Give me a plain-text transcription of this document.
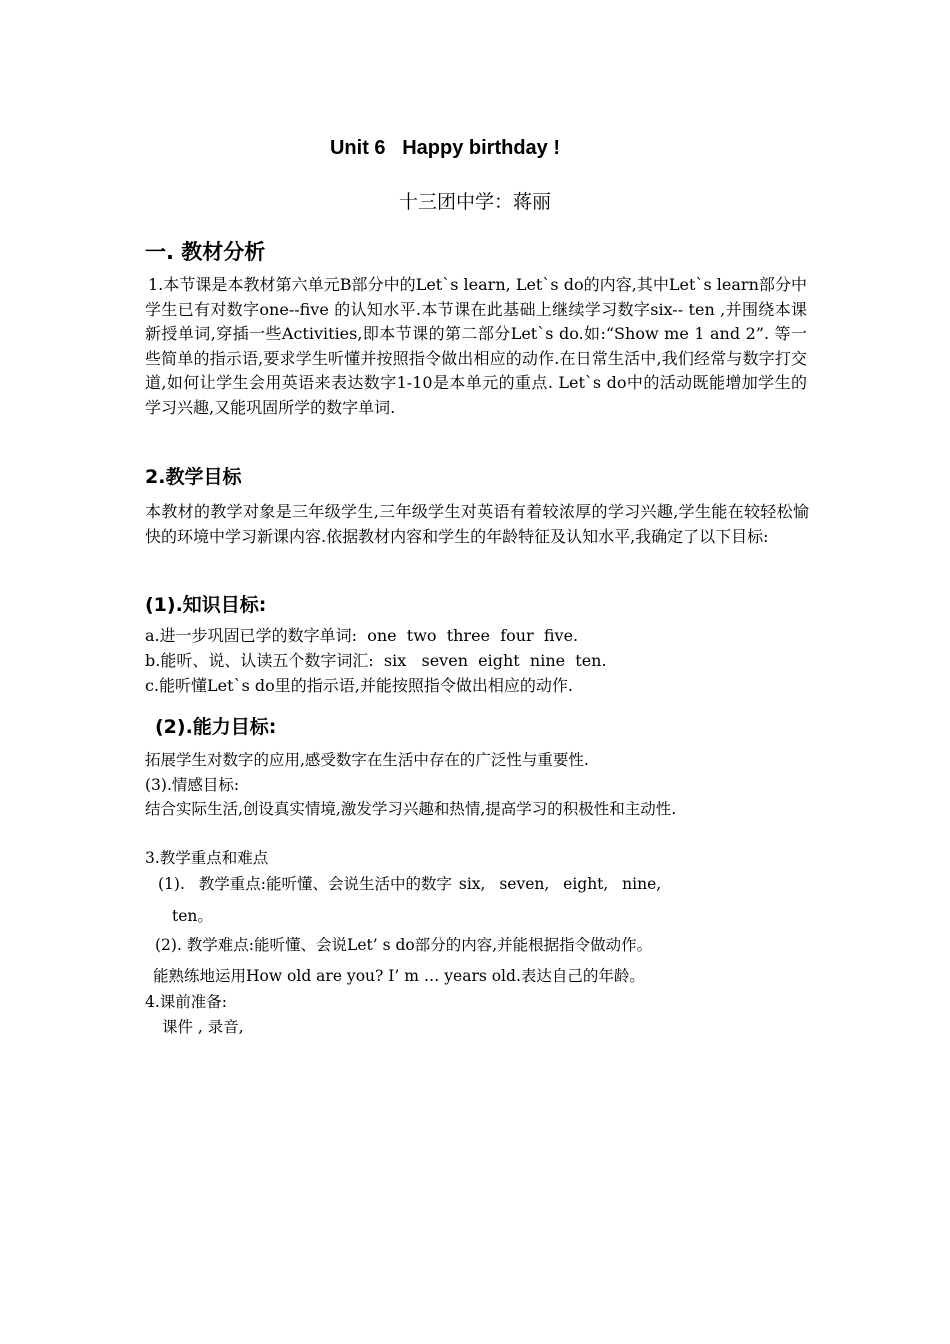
Unit 6   Happy birthday !
十三团中学：蒋丽
一. 教材分析
1.本节课是本教材第六单元B部分中的Let`s learn, Let`s do的内容,其中Let`s learn部分中学生已有对数字one--five 的认知水平.本节课在此基础上继续学习数字six-- ten ,并围绕本课新授单词,穿插一些Activities,即本节课的第二部分Let`s do.如:“Show me 1 and 2”. 等一些简单的指示语,要求学生听懂并按照指令做出相应的动作.在日常生活中,我们经常与数字打交道,如何让学生会用英语来表达数字1-10是本单元的重点. Let`s do中的活动既能增加学生的学习兴趣,又能巩固所学的数字单词.
2.教学目标
本教材的教学对象是三年级学生,三年级学生对英语有着较浓厚的学习兴趣,学生能在较轻松愉快的环境中学习新课内容.依据教材内容和学生的年龄特征及认知水平,我确定了以下目标:
(1).知识目标:
a.进一步巩固已学的数字单词:  one  two  three  four  five.
b.能听、说、认读五个数字词汇:  six   seven  eight  nine  ten.
c.能听懂Let`s do里的指示语,并能按照指令做出相应的动作.
(2).能力目标:
拓展学生对数字的应用,感受数字在生活中存在的广泛性与重要性.
(3).情感目标:
结合实际生活,创设真实情境,激发学习兴趣和热情,提高学习的积极性和主动性.
3.教学重点和难点
(1).  教学重点:能听懂、会说生活中的数字 six,  seven,  eight,  nine,
ten。
(2). 教学难点:能听懂、会说Let’ s do部分的内容,并能根据指令做动作。
能熟练地运用How old are you? I’ m … years old.表达自己的年龄。
4.课前准备:
课件 , 录音,
